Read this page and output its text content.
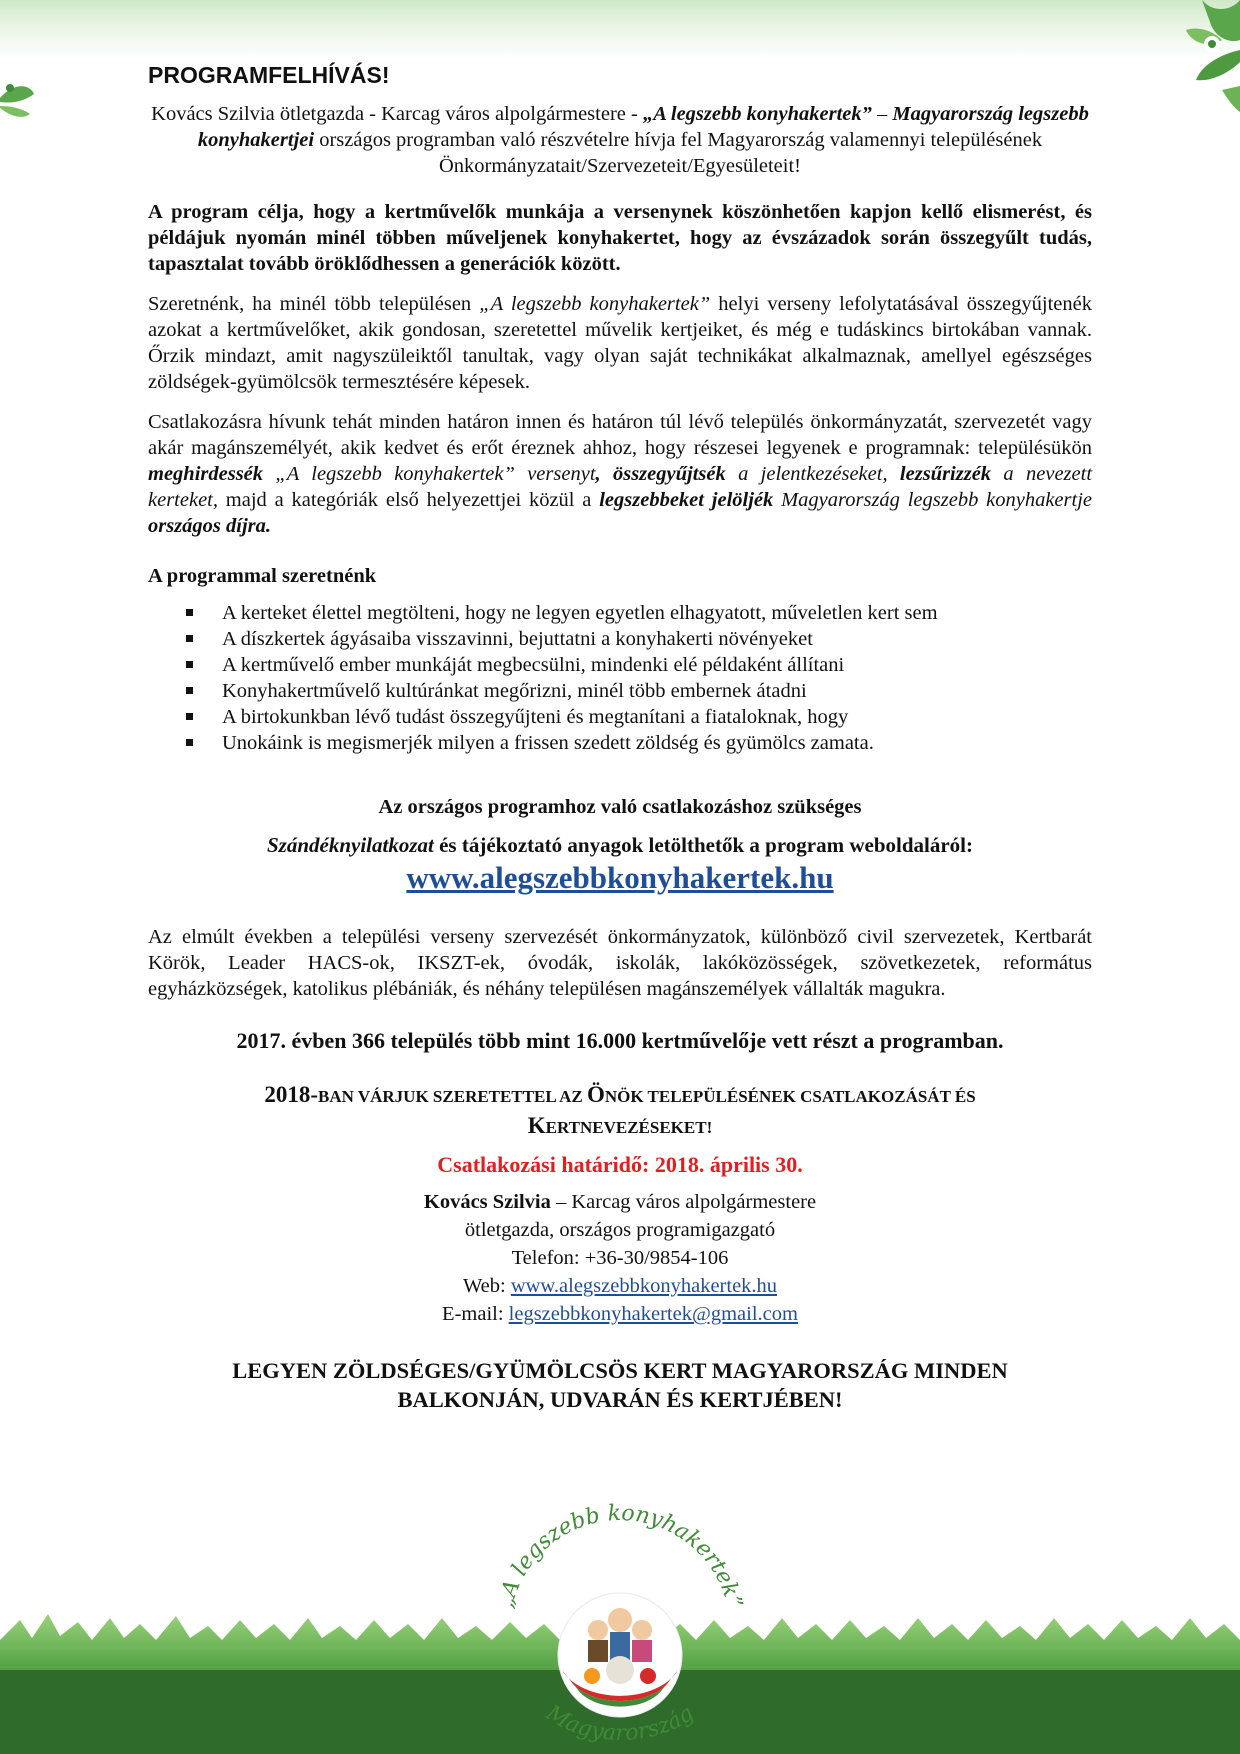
PROGRAMFELHÍVÁS!

Kovács Szilvia ötletgazda - Karcag város alpolgármestere - „A legszebb konyhakertek” – Magyarország legszebb konyhakertjei országos programban való részvételre hívja fel Magyarország valamennyi településének Önkormányzatait/Szervezeteit/Egyesületeit!

A program célja, hogy a kertművelők munkája a versenynek köszönhetően kapjon kellő elismerést, és példájuk nyomán minél többen műveljenek konyhakertet, hogy az évszázadok során összegyűlt tudás, tapasztalat tovább öröklődhessen a generációk között.

Szeretnénk, ha minél több településen „A legszebb konyhakertek” helyi verseny lefolytatásával összegyűjtenék azokat a kertművelőket, akik gondosan, szeretettel művelik kertjeiket, és még e tudáskincs birtokában vannak. Őrzik mindazt, amit nagyszüleiktől tanultak, vagy olyan saját technikákat alkalmaznak, amellyel egészséges zöldségek-gyümölcsök termesztésére képesek.

Csatlakozásra hívunk tehát minden határon innen és határon túl lévő település önkormányzatát, szervezetét vagy akár magánszemélyét, akik kedvet és erőt éreznek ahhoz, hogy részesei legyenek e programnak: településükön meghirdessék „A legszebb konyhakertek” versenyt, összegyűjtsék a jelentkezéseket, lezsűrizzék a nevezett kerteket, majd a kategóriák első helyezettjei közül a legszebbeket jelöljék Magyarország legszebb konyhakertje országos díjra.

A programmal szeretnénk

A kerteket élettel megtölteni, hogy ne legyen egyetlen elhagyatott, műveletlen kert sem
A díszkertek ágyásaiba visszavinni, bejuttatni a konyhakerti növényeket
A kertművelő ember munkáját megbecsülni, mindenki elé példaként állítani
Konyhakertművelő kultúránkat megőrizni, minél több embernek átadni
A birtokunkban lévő tudást összegyűjteni és megtanítani a fiataloknak, hogy
Unokáink is megismerjék milyen a frissen szedett zöldség és gyümölcs zamata.

Az országos programhoz való csatlakozáshoz szükséges

Szándéknyilatkozat és tájékoztató anyagok letölthetők a program weboldaláról:

www.alegszebbkonyhakertek.hu

Az elmúlt években a települési verseny szervezését önkormányzatok, különböző civil szervezetek, Kertbarát Körök, Leader HACS-ok, IKSZT-ek, óvodák, iskolák, lakóközösségek, szövetkezetek, református egyházközségek, katolikus plébániák, és néhány településen magánszemélyek vállalták magukra.

2017. évben 366 település több mint 16.000 kertművelője vett részt a programban.

2018-BAN VÁRJUK SZERETETTEL AZ ÖNÖK TELEPÜLÉSÉNEK CSATLAKOZÁSÁT ÉS
KERTNEVEZÉSEKET!

Csatlakozási határidő: 2018. április 30.

Kovács Szilvia – Karcag város alpolgármestere
ötletgazda, országos programigazgató
Telefon: +36-30/9854-106
Web: www.alegszebbkonyhakertek.hu
E-mail: legszebbkonyhakertek@gmail.com

LEGYEN ZÖLDSÉGES/GYÜMÖLCSÖS KERT MAGYARORSZÁG MINDEN
BALKONJÁN, UDVARÁN ÉS KERTJÉBEN!

„A legszebb konyhakertek”
Magyarország
